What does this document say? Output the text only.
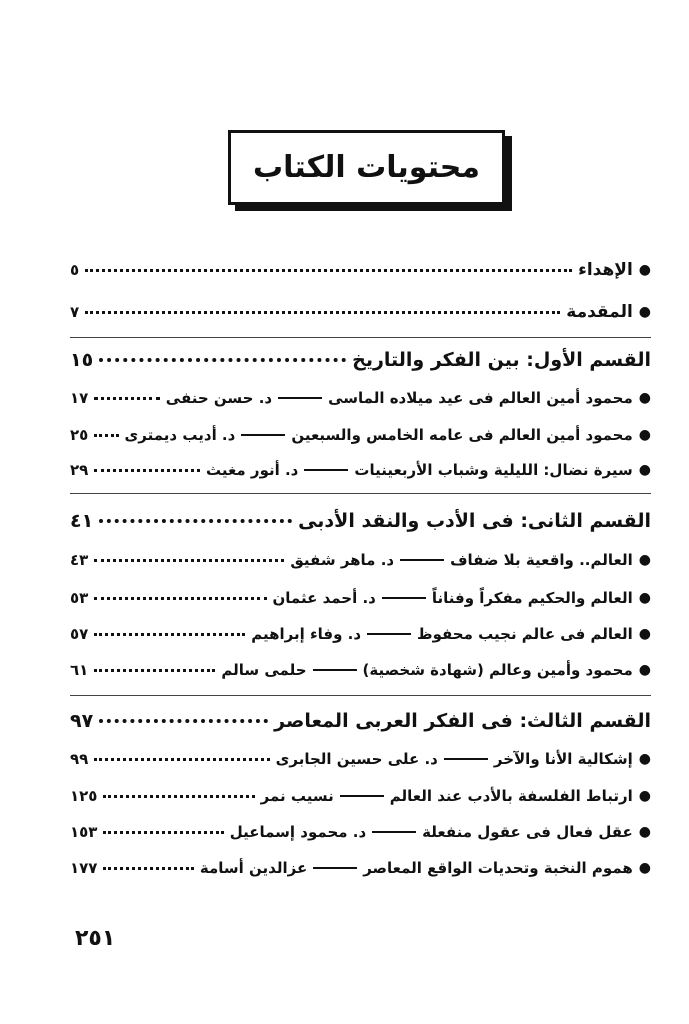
محتويات الكتاب
●
الإهداء
٥
●
المقدمة
٧
القسم الأول: بين الفكر والتاريخ
١٥
●
محمود أمين العالم فى عيد ميلاده الماسى
د. حسن حنفى
١٧
●
محمود أمين العالم فى عامه الخامس والسبعين
د. أديب ديمترى
٢٥
●
سيرة نضال: الليلية وشباب الأربعينيات
د. أنور مغيث
٢٩
القسم الثانى: فى الأدب والنقد الأدبى
٤١
●
العالم.. واقعية بلا ضفاف
د. ماهر شفيق
٤٣
●
العالم والحكيم مفكراً وفناناً
د. أحمد عثمان
٥٣
●
العالم فى عالم نجيب محفوظ
د. وفاء إبراهيم
٥٧
●
محمود وأمين وعالم (شهادة شخصية)
حلمى سالم
٦١
القسم الثالث: فى الفكر العربى المعاصر
٩٧
●
إشكالية الأنا والآخر
د. على حسين الجابرى
٩٩
●
ارتباط الفلسفة بالأدب عند العالم
نسيب نمر
١٢٥
●
عقل فعال فى عقول منفعلة
د. محمود إسماعيل
١٥٣
●
هموم النخبة وتحديات الواقع المعاصر
عزالدين أسامة
١٧٧
٢٥١
